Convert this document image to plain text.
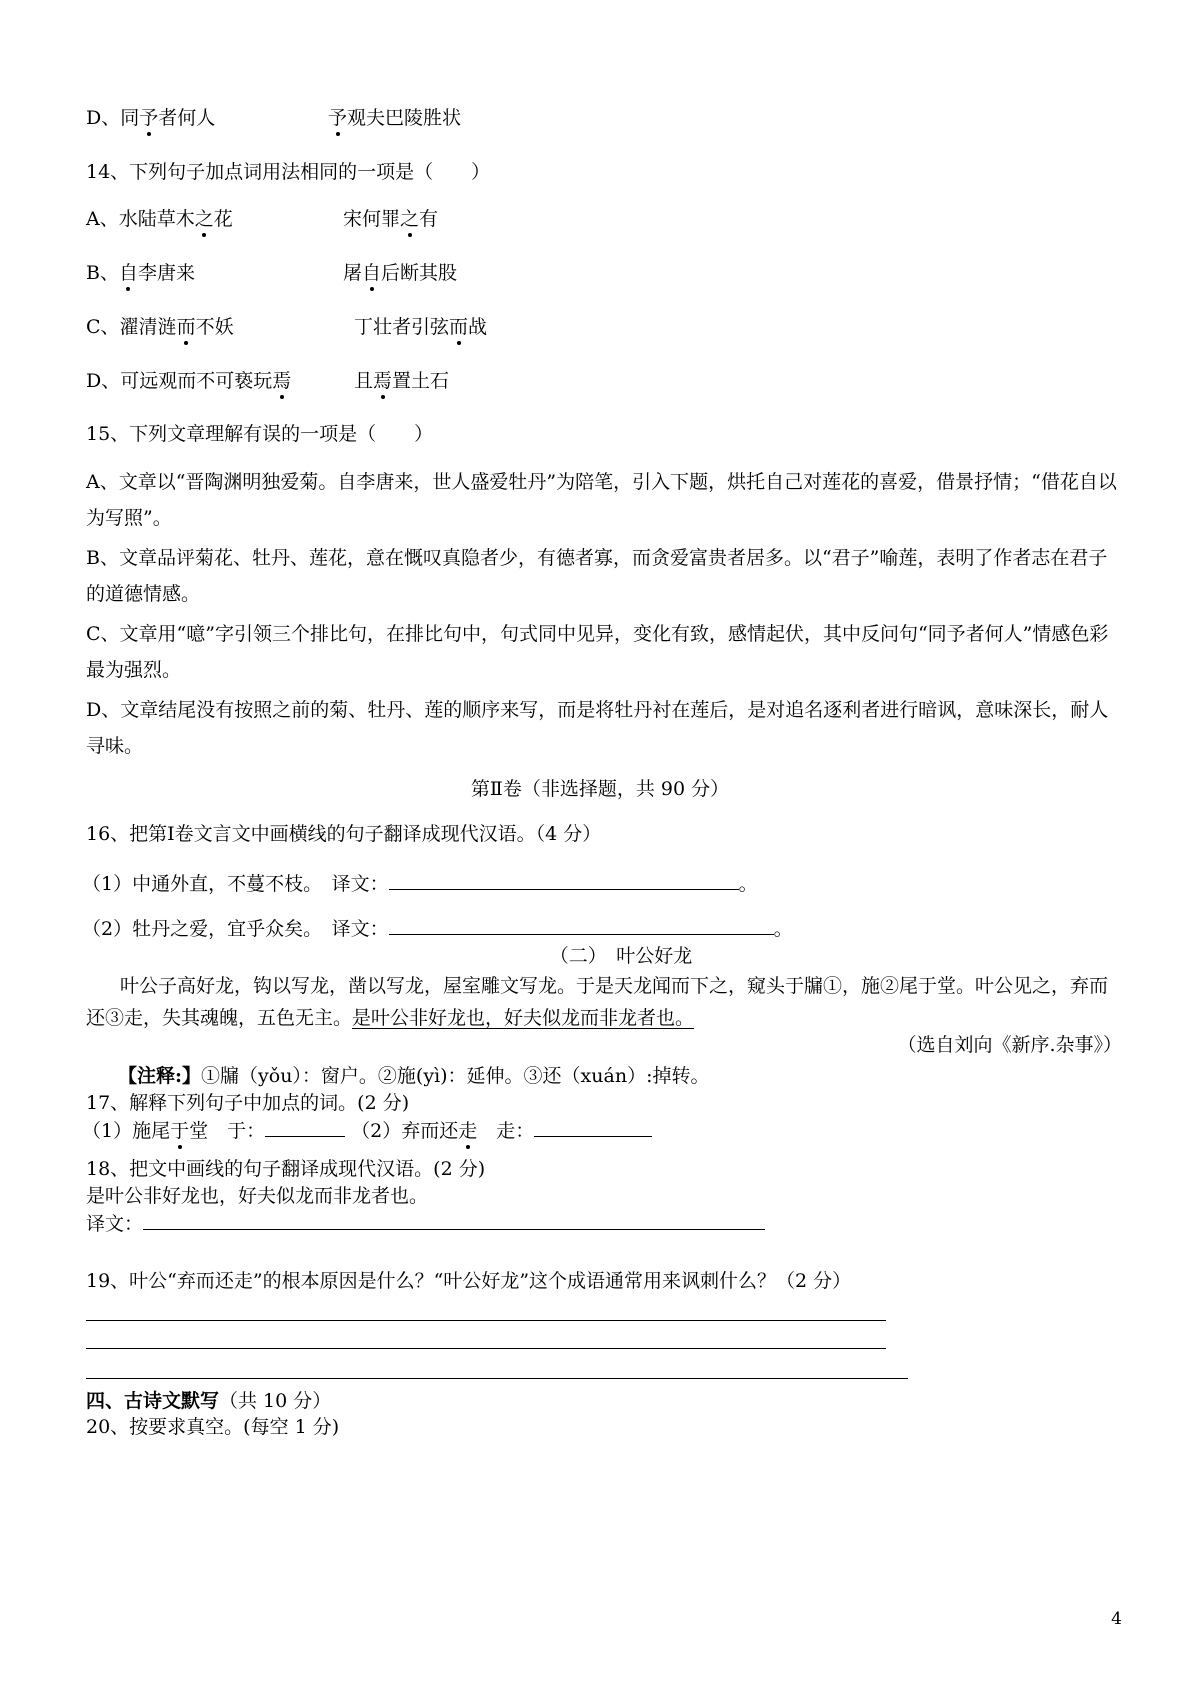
D、同予者何人	予观夫巴陵胜状
14、下列句子加点词用法相同的一项是（　　）
A、水陆草木之花	宋何罪之有
B、自李唐来	屠自后断其股
C、濯清涟而不妖	丁壮者引弦而战
D、可远观而不可亵玩焉	且焉置土石
15、下列文章理解有误的一项是（　　）
A、文章以“晋陶渊明独爱菊。自李唐来，世人盛爱牡丹”为陪笔，引入下题，烘托自己对莲花的喜爱，借景抒情；“借花自以为写照”。
B、文章品评菊花、牡丹、莲花，意在慨叹真隐者少，有德者寡，而贪爱富贵者居多。以“君子”喻莲，表明了作者志在君子的道德情感。
C、文章用“噫”字引领三个排比句，在排比句中，句式同中见异，变化有致，感情起伏，其中反问句“同予者何人”情感色彩最为强烈。
D、文章结尾没有按照之前的菊、牡丹、莲的顺序来写，而是将牡丹衬在莲后，是对追名逐利者进行暗讽，意味深长，耐人寻味。
第Ⅱ卷（非选择题，共 90 分）
16、把第Ⅰ卷文言文中画横线的句子翻译成现代汉语。（4 分）
（1）中通外直，不蔓不枝。　译文：	。
（2）牡丹之爱，宜乎众矣。　译文：	。
（二）　叶公好龙
叶公子高好龙，钩以写龙，凿以写龙，屋室雕文写龙。于是天龙闻而下之，窥头于牖①，施②尾于堂。叶公见之，弃而还③走，失其魂魄，五色无主。是叶公非好龙也，好夫似龙而非龙者也。
（选自刘向《新序.杂事》）
【注释:】①牖（yǒu）：窗户。②施(yì)：延伸。③还（xuán）:掉转。
17、解释下列句子中加点的词。(2 分)
（1）施尾于堂　于：	（2）弃而还走　走：
18、把文中画线的句子翻译成现代汉语。(2 分)
是叶公非好龙也，好夫似龙而非龙者也。
译文：
19、叶公“弃而还走”的根本原因是什么？“叶公好龙”这个成语通常用来讽刺什么？（2 分）
四、古诗文默写（共 10 分）
20、按要求真空。(每空 1 分)
4
